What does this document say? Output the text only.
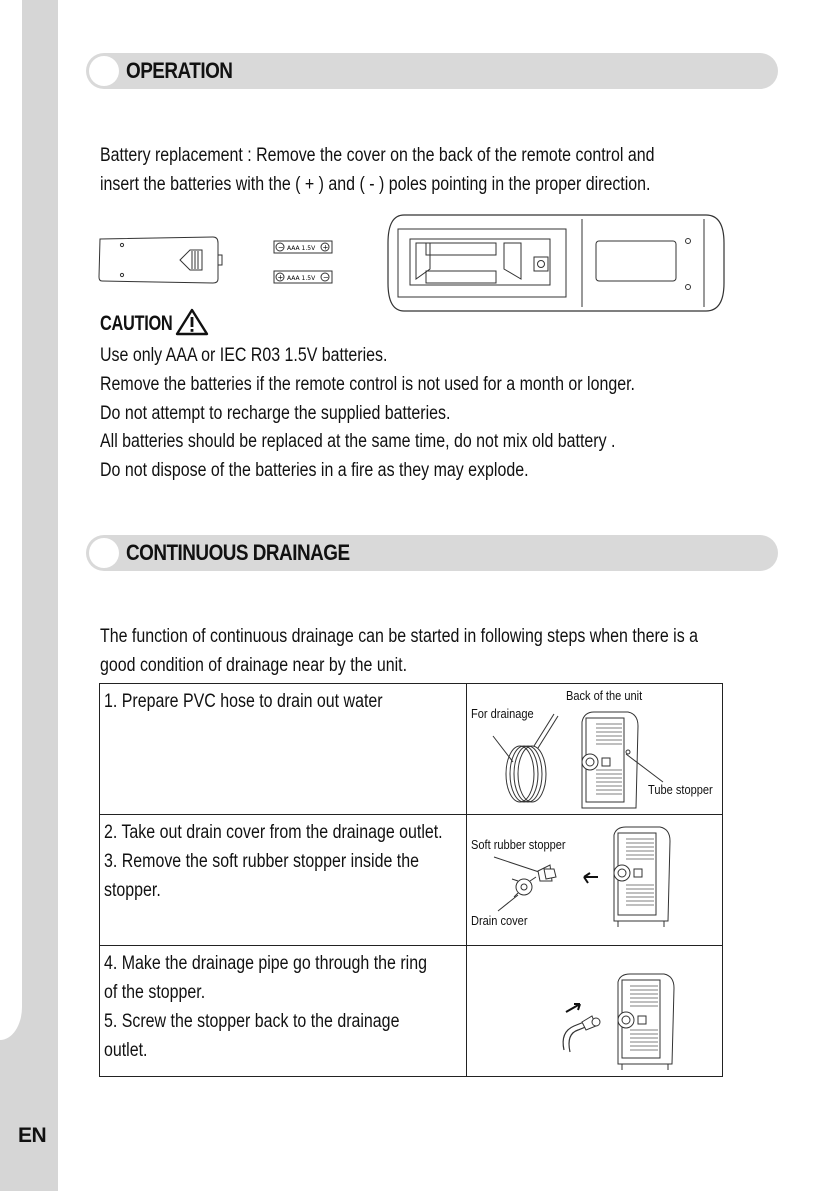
EN
OPERATION
Battery replacement : Remove the cover on the back of the remote control and
insert the batteries with the ( + ) and ( - ) poles pointing in the proper direction.
−	+
AAA 1.5V
+	−
AAA 1.5V
CAUTION
Use only AAA or IEC R03 1.5V batteries.
Remove the batteries if the remote control is not used for a month or longer.
Do not attempt to recharge the supplied batteries.
All batteries should be replaced at the same time, do not mix old battery .
Do not dispose of the batteries in a fire as they may explode.
CONTINUOUS DRAINAGE
The function of continuous drainage can be started in following steps when there is a
good condition of drainage near by the unit.
1. Prepare PVC hose to drain out water	Back of the unit
For drainage
Tube stopper
2. Take out drain cover from the drainage outlet.
3. Remove the soft rubber stopper inside the
stopper.
Soft rubber stopper
Drain cover
4. Make the drainage pipe go through the ring
of the stopper.
5. Screw the stopper back to the drainage
outlet.
